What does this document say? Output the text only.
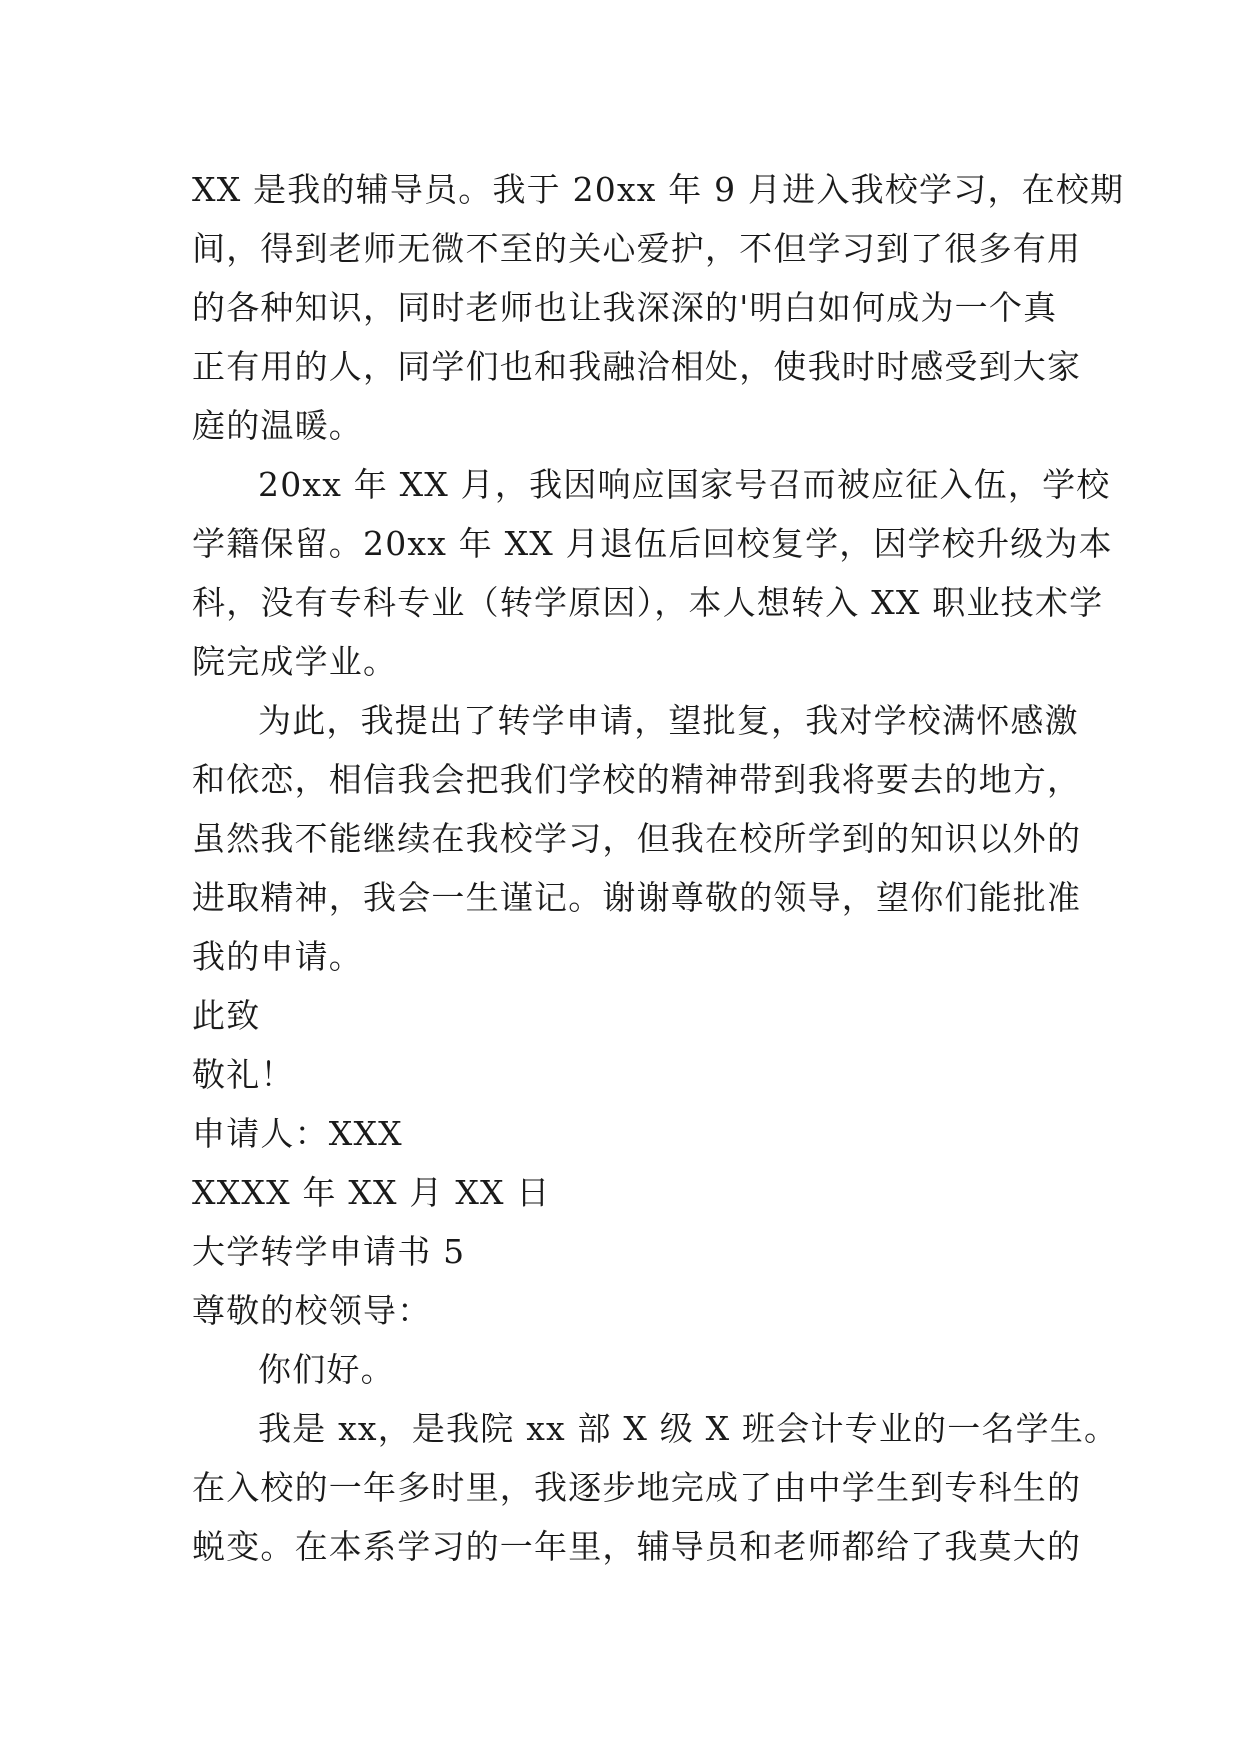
XX 是我的辅导员。我于 20xx 年 9 月进入我校学习，在校期
间，得到老师无微不至的关心爱护，不但学习到了很多有用
的各种知识，同时老师也让我深深的'明白如何成为一个真
正有用的人，同学们也和我融洽相处，使我时时感受到大家
庭的温暖。
20xx 年 XX 月，我因响应国家号召而被应征入伍，学校
学籍保留。20xx 年 XX 月退伍后回校复学，因学校升级为本
科，没有专科专业（转学原因），本人想转入 XX 职业技术学
院完成学业。
为此，我提出了转学申请，望批复，我对学校满怀感激
和依恋，相信我会把我们学校的精神带到我将要去的地方，
虽然我不能继续在我校学习，但我在校所学到的知识以外的
进取精神，我会一生谨记。谢谢尊敬的领导，望你们能批准
我的申请。
此致
敬礼！
申请人：XXX
XXXX 年 XX 月 XX 日
大学转学申请书 5
尊敬的校领导：
你们好。
我是 xx，是我院 xx 部 X 级 X 班会计专业的一名学生。
在入校的一年多时里，我逐步地完成了由中学生到专科生的
蜕变。在本系学习的一年里，辅导员和老师都给了我莫大的
